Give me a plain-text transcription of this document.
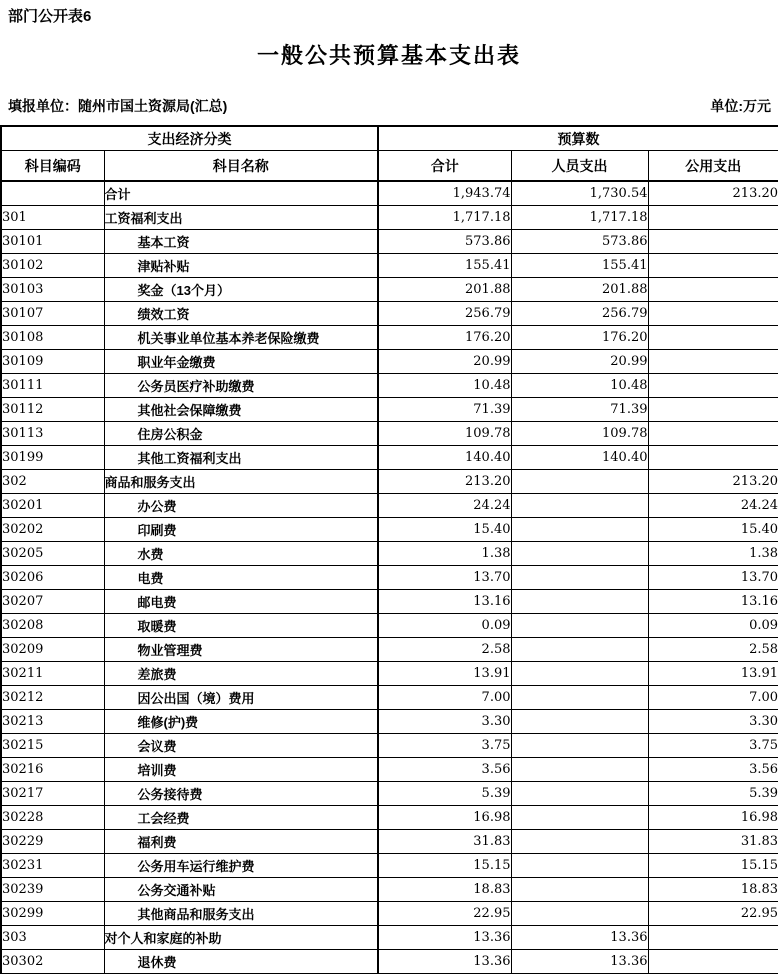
部门公开表6
一般公共预算基本支出表
填报单位：随州市国土资源局(汇总)	单位:万元
支出经济分类		预算数		
科目编码	科目名称	合计	人员支出	公用支出
	合计	1,943.74	1,730.54	213.20
301	工资福利支出	1,717.18	1,717.18	
30101	基本工资	573.86	573.86	
30102	津贴补贴	155.41	155.41	
30103	奖金（13个月）	201.88	201.88	
30107	绩效工资	256.79	256.79	
30108	机关事业单位基本养老保险缴费	176.20	176.20	
30109	职业年金缴费	20.99	20.99	
30111	公务员医疗补助缴费	10.48	10.48	
30112	其他社会保障缴费	71.39	71.39	
30113	住房公积金	109.78	109.78	
30199	其他工资福利支出	140.40	140.40	
302	商品和服务支出	213.20		213.20
30201	办公费	24.24		24.24
30202	印刷费	15.40		15.40
30205	水费	1.38		1.38
30206	电费	13.70		13.70
30207	邮电费	13.16		13.16
30208	取暖费	0.09		0.09
30209	物业管理费	2.58		2.58
30211	差旅费	13.91		13.91
30212	因公出国（境）费用	7.00		7.00
30213	维修(护)费	3.30		3.30
30215	会议费	3.75		3.75
30216	培训费	3.56		3.56
30217	公务接待费	5.39		5.39
30228	工会经费	16.98		16.98
30229	福利费	31.83		31.83
30231	公务用车运行维护费	15.15		15.15
30239	公务交通补贴	18.83		18.83
30299	其他商品和服务支出	22.95		22.95
303	对个人和家庭的补助	13.36	13.36	
30302	退休费	13.36	13.36	
